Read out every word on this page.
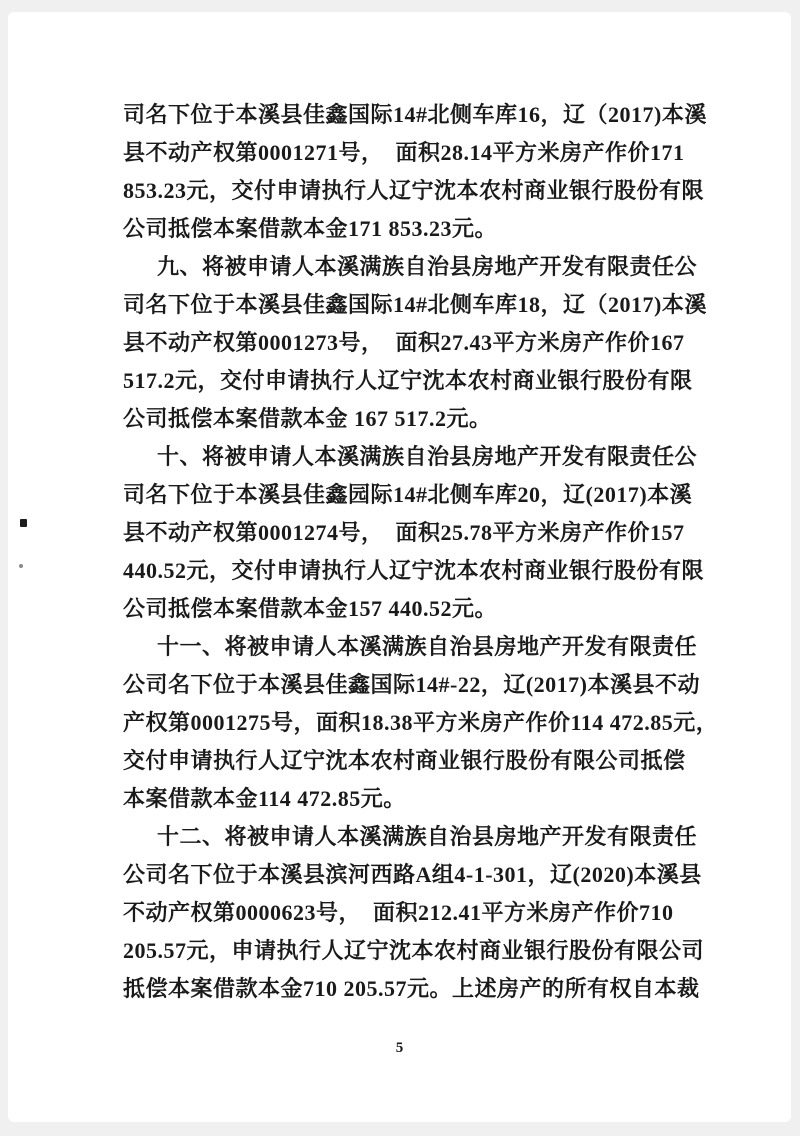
司名下位于本溪县佳鑫国际14#北侧车库16，辽（2017)本溪
县不动产权第0001271号，  面积28.14平方米房产作价171
853.23元，交付申请执行人辽宁沈本农村商业银行股份有限
公司抵偿本案借款本金171 853.23元。
九、将被申请人本溪满族自治县房地产开发有限责任公
司名下位于本溪县佳鑫国际14#北侧车库18，辽（2017)本溪
县不动产权第0001273号，  面积27.43平方米房产作价167
517.2元，交付申请执行人辽宁沈本农村商业银行股份有限
公司抵偿本案借款本金 167 517.2元。
十、将被申请人本溪满族自治县房地产开发有限责任公
司名下位于本溪县佳鑫园际14#北侧车库20，辽(2017)本溪
县不动产权第0001274号，  面积25.78平方米房产作价157
440.52元，交付申请执行人辽宁沈本农村商业银行股份有限
公司抵偿本案借款本金157 440.52元。
十一、将被申请人本溪满族自治县房地产开发有限责任
公司名下位于本溪县佳鑫国际14#-22，辽(2017)本溪县不动
产权第0001275号，面积18.38平方米房产作价114 472.85元，
交付申请执行人辽宁沈本农村商业银行股份有限公司抵偿
本案借款本金114 472.85元。
十二、将被申请人本溪满族自治县房地产开发有限责任
公司名下位于本溪县滨河西路A组4-1-301，辽(2020)本溪县
不动产权第0000623号，  面积212.41平方米房产作价710
205.57元，申请执行人辽宁沈本农村商业银行股份有限公司
抵偿本案借款本金710 205.57元。上述房产的所有权自本裁
5
